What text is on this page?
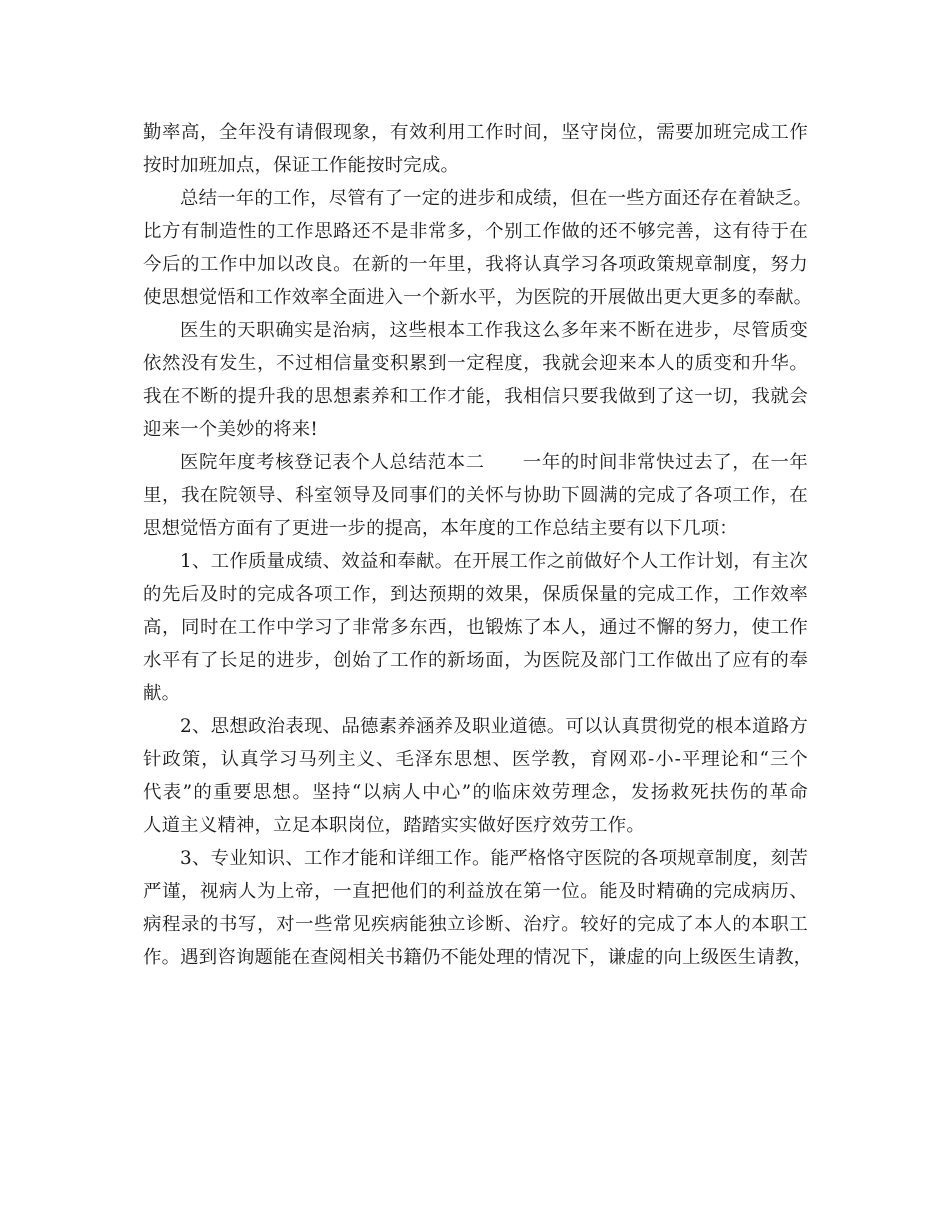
勤率高，全年没有请假现象，有效利用工作时间，坚守岗位，需要加班完成工作
按时加班加点，保证工作能按时完成。
总结一年的工作，尽管有了一定的进步和成绩，但在一些方面还存在着缺乏。
比方有制造性的工作思路还不是非常多，个别工作做的还不够完善，这有待于在
今后的工作中加以改良。在新的一年里，我将认真学习各项政策规章制度，努力
使思想觉悟和工作效率全面进入一个新水平，为医院的开展做出更大更多的奉献。
医生的天职确实是治病，这些根本工作我这么多年来不断在进步，尽管质变
依然没有发生，不过相信量变积累到一定程度，我就会迎来本人的质变和升华。
我在不断的提升我的思想素养和工作才能，我相信只要我做到了这一切，我就会
迎来一个美妙的将来!
医院年度考核登记表个人总结范本二　　一年的时间非常快过去了，在一年
里，我在院领导、科室领导及同事们的关怀与协助下圆满的完成了各项工作，在
思想觉悟方面有了更进一步的提高，本年度的工作总结主要有以下几项：
1、工作质量成绩、效益和奉献。在开展工作之前做好个人工作计划，有主次
的先后及时的完成各项工作，到达预期的效果，保质保量的完成工作，工作效率
高，同时在工作中学习了非常多东西，也锻炼了本人，通过不懈的努力，使工作
水平有了长足的进步，创始了工作的新场面，为医院及部门工作做出了应有的奉
献。
2、思想政治表现、品德素养涵养及职业道德。可以认真贯彻党的根本道路方
针政策，认真学习马列主义、毛泽东思想、医学教，育网邓-小-平理论和“三个
代表”的重要思想。坚持“以病人中心”的临床效劳理念，发扬救死扶伤的革命
人道主义精神，立足本职岗位，踏踏实实做好医疗效劳工作。
3、专业知识、工作才能和详细工作。能严格恪守医院的各项规章制度，刻苦
严谨，视病人为上帝，一直把他们的利益放在第一位。能及时精确的完成病历、
病程录的书写，对一些常见疾病能独立诊断、治疗。较好的完成了本人的本职工
作。遇到咨询题能在查阅相关书籍仍不能处理的情况下，谦虚的向上级医生请教，
